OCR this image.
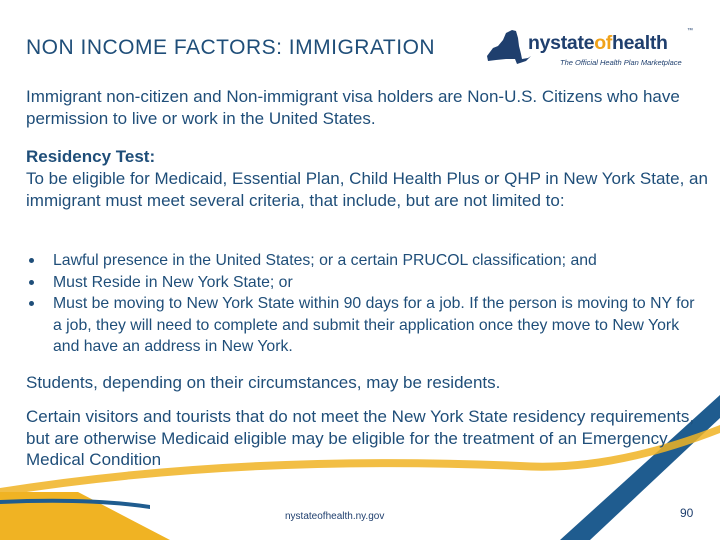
NON INCOME FACTORS: IMMIGRATION	nystateofhealth
™
The Official Health Plan Marketplace
Immigrant non-citizen and Non-immigrant visa holders are Non-U.S. Citizens who have permission to live or work in the United States.
Residency Test:
To be eligible for Medicaid, Essential Plan, Child Health Plus or QHP in New York State, an immigrant must meet several criteria, that include, but are not limited to:
Lawful presence in the United States; or a certain PRUCOL classification; and
Must Reside in New York State; or
Must be moving to New York State within 90 days for a job. If the person is moving to NY for a job, they will need to complete and submit their application once they move to New York and have an address in New York.
Students, depending on their circumstances, may be residents.
Certain visitors and tourists that do not meet the New York State residency requirements, but are otherwise Medicaid eligible may be eligible for the treatment of an Emergency Medical Condition
nystateofhealth.ny.gov	90
